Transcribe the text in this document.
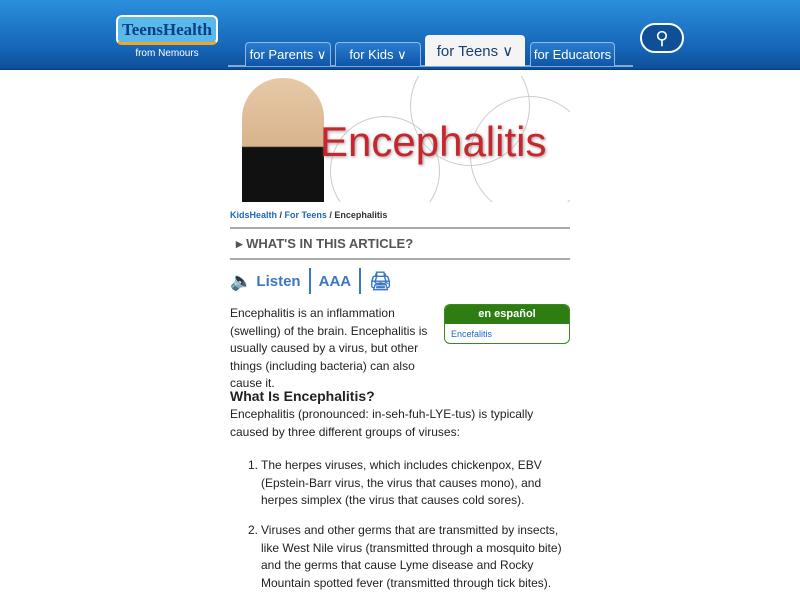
TeensHealth
from Nemours	for Parents ∨	for Kids ∨	for Teens ∨	for Educators
⚲
Encephalitis
KidsHealth / For Teens / Encephalitis
▸ WHAT'S IN THIS ARTICLE?
🔈 Listen AAA 🖨
Encephalitis is an inflammation (swelling) of the brain. Encephalitis is usually caused by a virus, but other things (including bacteria) can also cause it.
en español
Encefalitis
What Is Encephalitis?
Encephalitis (pronounced: in-seh-fuh-LYE-tus) is typically caused by three different groups of viruses:
1. The herpes viruses, which includes chickenpox, EBV (Epstein-Barr virus, the virus that causes mono), and herpes simplex (the virus that causes cold sores).
2. Viruses and other germs that are transmitted by insects, like West Nile virus (transmitted through a mosquito bite) and the germs that cause Lyme disease and Rocky Mountain spotted fever (transmitted through tick bites).
